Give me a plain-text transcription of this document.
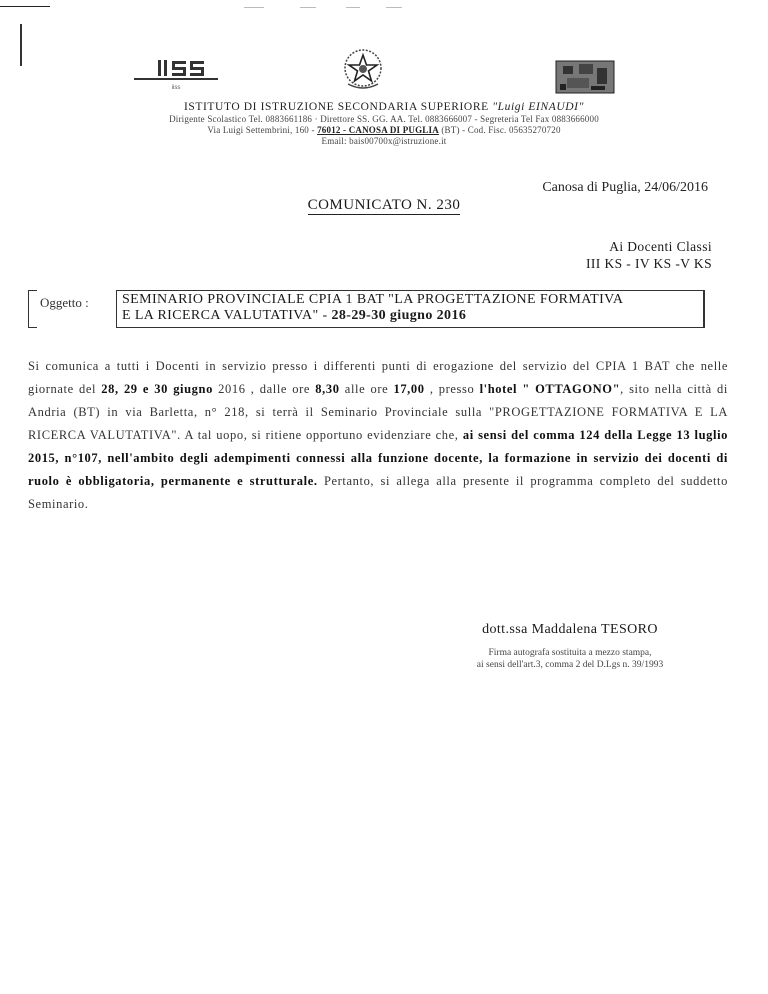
iiss
ISTITUTO DI ISTRUZIONE SECONDARIA SUPERIORE "Luigi EINAUDI"
Dirigente Scolastico Tel. 0883661186 · Direttore SS. GG. AA. Tel. 0883666007 - Segreteria Tel Fax 0883666000
Via Luigi Settembrini, 160 - 76012 - CANOSA DI PUGLIA (BT) - Cod. Fisc. 05635270720
Email: bais00700x@istruzione.it
Canosa di Puglia, 24/06/2016
COMUNICATO N. 230
Ai Docenti Classi
III KS - IV KS -V KS
Oggetto : SEMINARIO PROVINCIALE CPIA 1 BAT "LA PROGETTAZIONE FORMATIVA
E LA RICERCA VALUTATIVA" - 28-29-30 giugno 2016
Si comunica a tutti i Docenti in servizio presso i differenti punti di erogazione del servizio del CPIA 1 BAT che nelle giornate del 28, 29 e 30 giugno 2016 , dalle ore 8,30 alle ore 17,00 , presso l'hotel " OTTAGONO", sito nella città di Andria (BT) in via Barletta, n° 218, si terrà il Seminario Provinciale sulla "PROGETTAZIONE FORMATIVA E LA RICERCA VALUTATIVA". A tal uopo, si ritiene opportuno evidenziare che, ai sensi del comma 124 della Legge 13 luglio 2015, n°107, nell'ambito degli adempimenti connessi alla funzione docente, la formazione in servizio dei docenti di ruolo è obbligatoria, permanente e strutturale. Pertanto, si allega alla presente il programma completo del suddetto Seminario.
dott.ssa Maddalena TESORO
Firma autografa sostituita a mezzo stampa,
ai sensi dell'art.3, comma 2 del D.Lgs n. 39/1993
